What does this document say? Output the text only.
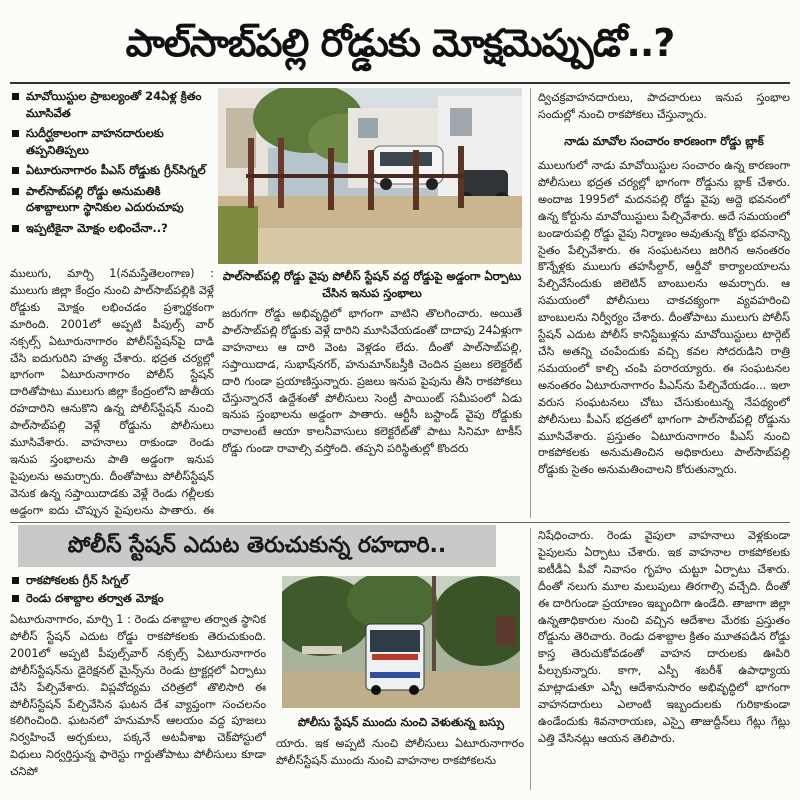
పాల్‌సాబ్‌పల్లి రోడ్డుకు మోక్షమెప్పుడో..?
మావోయిస్టుల ప్రాబల్యంతో 24ఏళ్ల క్రితం మూసివేత
సుదీర్ఘకాలంగా వాహనదారులకు తప్పనితిప్పలు
ఏటూరునాగారం పీఎస్ రోడ్డుకు గ్రీన్‌సిగ్నల్
పాల్‌సాబ్‌పల్లి రోడ్డు అనుమతికి దశాబ్దాలుగా స్థానికుల ఎదురుచూపు
ఇప్పటికైనా మోక్షం లభించేనా..?
పాల్‌సాబ్‌పల్లి రోడ్డు వైపు పోలీస్ స్టేషన్ వద్ద రోడ్డుపై అడ్డంగా ఏర్పాటు చేసిన ఇనుప స్తంభాలు

ములుగు, మార్చి 1(నమస్తేతెలంగాణ) : ములుగు జిల్లా కేంద్రం నుంచి పాల్‌సాబ్‌పల్లికి వెళ్లే రోడ్డుకు మోక్షం లభించడం ప్రశ్నార్థకంగా మారింది. 2001లో అప్పటి పీపుల్స్ వార్ నక్సల్స్ ఏటూరునాగారం పోలీస్‌స్టేషన్‌పై దాడి చేసి ఐదుగురిని హత్య చేశారు. భద్రత చర్యల్లో భాగంగా ఏటూరునాగారం పోలీస్ స్టేషన్ దారితోపాటు ములుగు జిల్లా కేంద్రంలోని జాతీయ రహదారిని ఆనుకొని ఉన్న పోలీస్‌స్టేషన్ నుంచి పాల్‌సాబ్‌పల్లి వెళ్లే రోడ్డును పోలీసులు మూసివేశారు. వాహనాలు రాకుండా రెండు ఇనుప స్తంభాలను పాతి అడ్డంగా ఇనుప పైపులను అమర్చారు. దీంతోపాటు పోలీస్‌స్టేషన్ వెనుక ఉన్న సప్తాయిదాడకు వెళ్లే రెండు గల్లీలకు అడ్డంగా ఐదు చొప్పున పైపులను పాతారు. ఈ

జరుగగా రోడ్డు అభివృద్ధిలో భాగంగా వాటిని తొలగించారు. అయితే పాల్‌సాబ్‌పల్లి రోడ్డుకు వెళ్లే దారిని మూసివేయడంతో దాదాపు 24ఏళ్లుగా వాహనాలు ఆ దారి వెంట వెళ్లడం లేదు. దీంతో పాల్‌సాబ్‌పల్లి, సప్తాయిదాడ, సుభాష్‌నగర్, హనుమాన్‌బస్తీకి చెందిన ప్రజలు కలెక్టరేట్ దారి గుండా ప్రయాణిస్తున్నారు. ప్రజలు ఇనుప పైపును తీసి రాకపోకలు చేస్తున్నారనే ఉద్దేశంతో పోలీసులు సెంట్రీ పాయింట్ సమీపంలో ఏడు ఇనుప స్తంభాలను అడ్డంగా పాతారు. ఆర్టీసీ బస్టాండ్ వైపు రోడ్డుకు రావాలంటే ఆయా కాలనీవాసులు కలెక్టరేట్‌తో పాటు సినిమా టాకీస్ రోడ్డు గుండా రావాల్సి వస్తోంది. తప్పని పరిస్థితుల్లో కొందరు

ద్విచక్రవాహనదారులు, పాదచారులు ఇనుప స్తంభాల సందుల్లో నుంచి రాకపోకలు చేస్తున్నారు.

నాడు మావోల సంచారం కారణంగా రోడ్డు బ్లాక్

ములుగులో నాడు మావోయిస్టుల సంచారం ఉన్న కారణంగా పోలీసులు భద్రత చర్యల్లో భాగంగా రోడ్డును బ్లాక్ చేశారు. అందాజ 1995లో మదనపల్లి రోడ్డు వైపు అద్దె భవనంలో ఉన్న కోర్టును మావోయిస్టులు పేల్చివేశారు. అదే సమయంలో బండారుపల్లి రోడ్డు వైపు నిర్మాణం అవుతున్న కోర్టు భవనాన్ని సైతం పేల్చివేశారు. ఈ సంఘటనలు జరిగిన అనంతరం కొన్నేళ్లకు ములుగు తహసీల్దార్, ఆర్డీవో కార్యాలయాలను పేల్చివేసేందుకు జిలెటిన్ బాంబులను అమర్చారు. ఆ సమయంలో పోలీసులు చాకచక్యంగా వ్యవహరించి బాంబులను నిర్వీర్యం చేశారు. దీంతోపాటు ములుగు పోలీస్ స్టేషన్ ఎదుట పోలీస్ కానిస్టేబుళ్లను మావోయిస్టులు టార్గెట్ చేసి అతన్ని చంపేందుకు వచ్చి కవల సోదరుడిని రాత్రి సమయంలో కాల్చి చంపి పరారయ్యారు. ఈ సంఘటనల అనంతరం ఏటూరునాగారం పీఎస్‌ను పేల్చివేయడం... ఇలా వరుస సంఘటనలు చోటు చేసుకుంటున్న నేపథ్యంలో పోలీసులు పీఎస్ భద్రతలో భాగంగా పాల్‌సాబ్‌పల్లి రోడ్డును మూసివేశారు. ప్రస్తుతం ఏటూరునాగారం పీఎస్ నుంచి రాకపోకలకు అనుమతించిన అధికారులు పాల్‌సాబ్‌పల్లి రోడ్డుకు సైతం అనుమతించాలని కోరుతున్నారు.

పోలీస్ స్టేషన్ ఎదుట తెరుచుకున్న రహదారి..
రాకపోకలకు గ్రీన్ సిగ్నల్
రెండు దశాబ్దాల తర్వాత మోక్షం

ఏటూరునాగారం, మార్చి 1 : రెండు దశాబ్దాల తర్వాత స్థానిక పోలీస్ స్టేషన్ ఎదుట రోడ్డు రాకపోకలకు తెరుచుకుంది. 2001లో అప్పటి పీపుల్స్‌వార్ నక్సల్స్ ఏటూరునాగారం పోలీస్‌స్టేషన్‌ను డైరెక్షనల్ మైన్స్‌ను రెండు ట్రాక్టర్లలో ఏర్పాటు చేసి పేల్చివేశారు. విప్లవోద్యమ చరిత్రలో తొలిసారి ఈ పోలీస్‌స్టేషన్ పేల్చివేసిన ఘటన దేశ వ్యాప్తంగా సంచలనం కలిగించింది. ఘటనలో హనుమాన్ ఆలయం వద్ద పూజలు నిర్వహించే అర్చకులు, పక్కనే అటవీశాఖ చెక్‌పోస్టులో విధులు నిర్వర్తిస్తున్న ఫారెస్టు గార్డుతోపాటు పోలీసులు కూడా చనిపో

పోలీసు స్టేషన్ ముందు నుంచి వెళుతున్న బస్సు

యారు. ఇక అప్పటి నుంచి పోలీసులు ఏటూరునాగారం పోలీస్‌స్టేషన్ ముందు నుంచి వాహనాల రాకపోకలను

నిషేధించారు. రెండు వైపులా వాహనాలు వెళ్లకుండా పైపులను ఏర్పాటు చేశారు. ఇక వాహనాల రాకపోకలకు ఐటీడీఏ పీవో నివాసం గృహం చుట్టూ ఏర్పాటు చేశారు. దీంతో నలుగు మూల మలుపులు తిరగాల్సి వచ్చేది. దీంతో ఈ దారిగుండా ప్రయాణం ఇబ్బందిగా ఉండేది. తాజాగా జిల్లా ఉన్నతాధికారుల నుంచి వచ్చిన ఆదేశాల మేరకు ప్రస్తుతం రోడ్డును తెరిచారు. రెండు దశాబ్దాల క్రితం మూతపడిన రోడ్డు కాస్త తెరుచుకోవడంతో వాహన దారులకు ఊపిరి పీల్చుకున్నారు. కాగా, ఎస్పీ శబరీశ్ ఉపాధ్యాయ మాట్లాడుతూ ఎస్పీ ఆదేశానుసారం అభివృద్ధిలో భాగంగా వాహనదారులు ఎలాంటి ఇబ్బందులకు గురికాకుండా ఉండేందుకు శివనారాయణ, ఎస్పై తాజుద్దీన్‌లు గేట్లు గేట్లు ఎత్తి వేసినట్లు ఆయన తెలిపారు.
